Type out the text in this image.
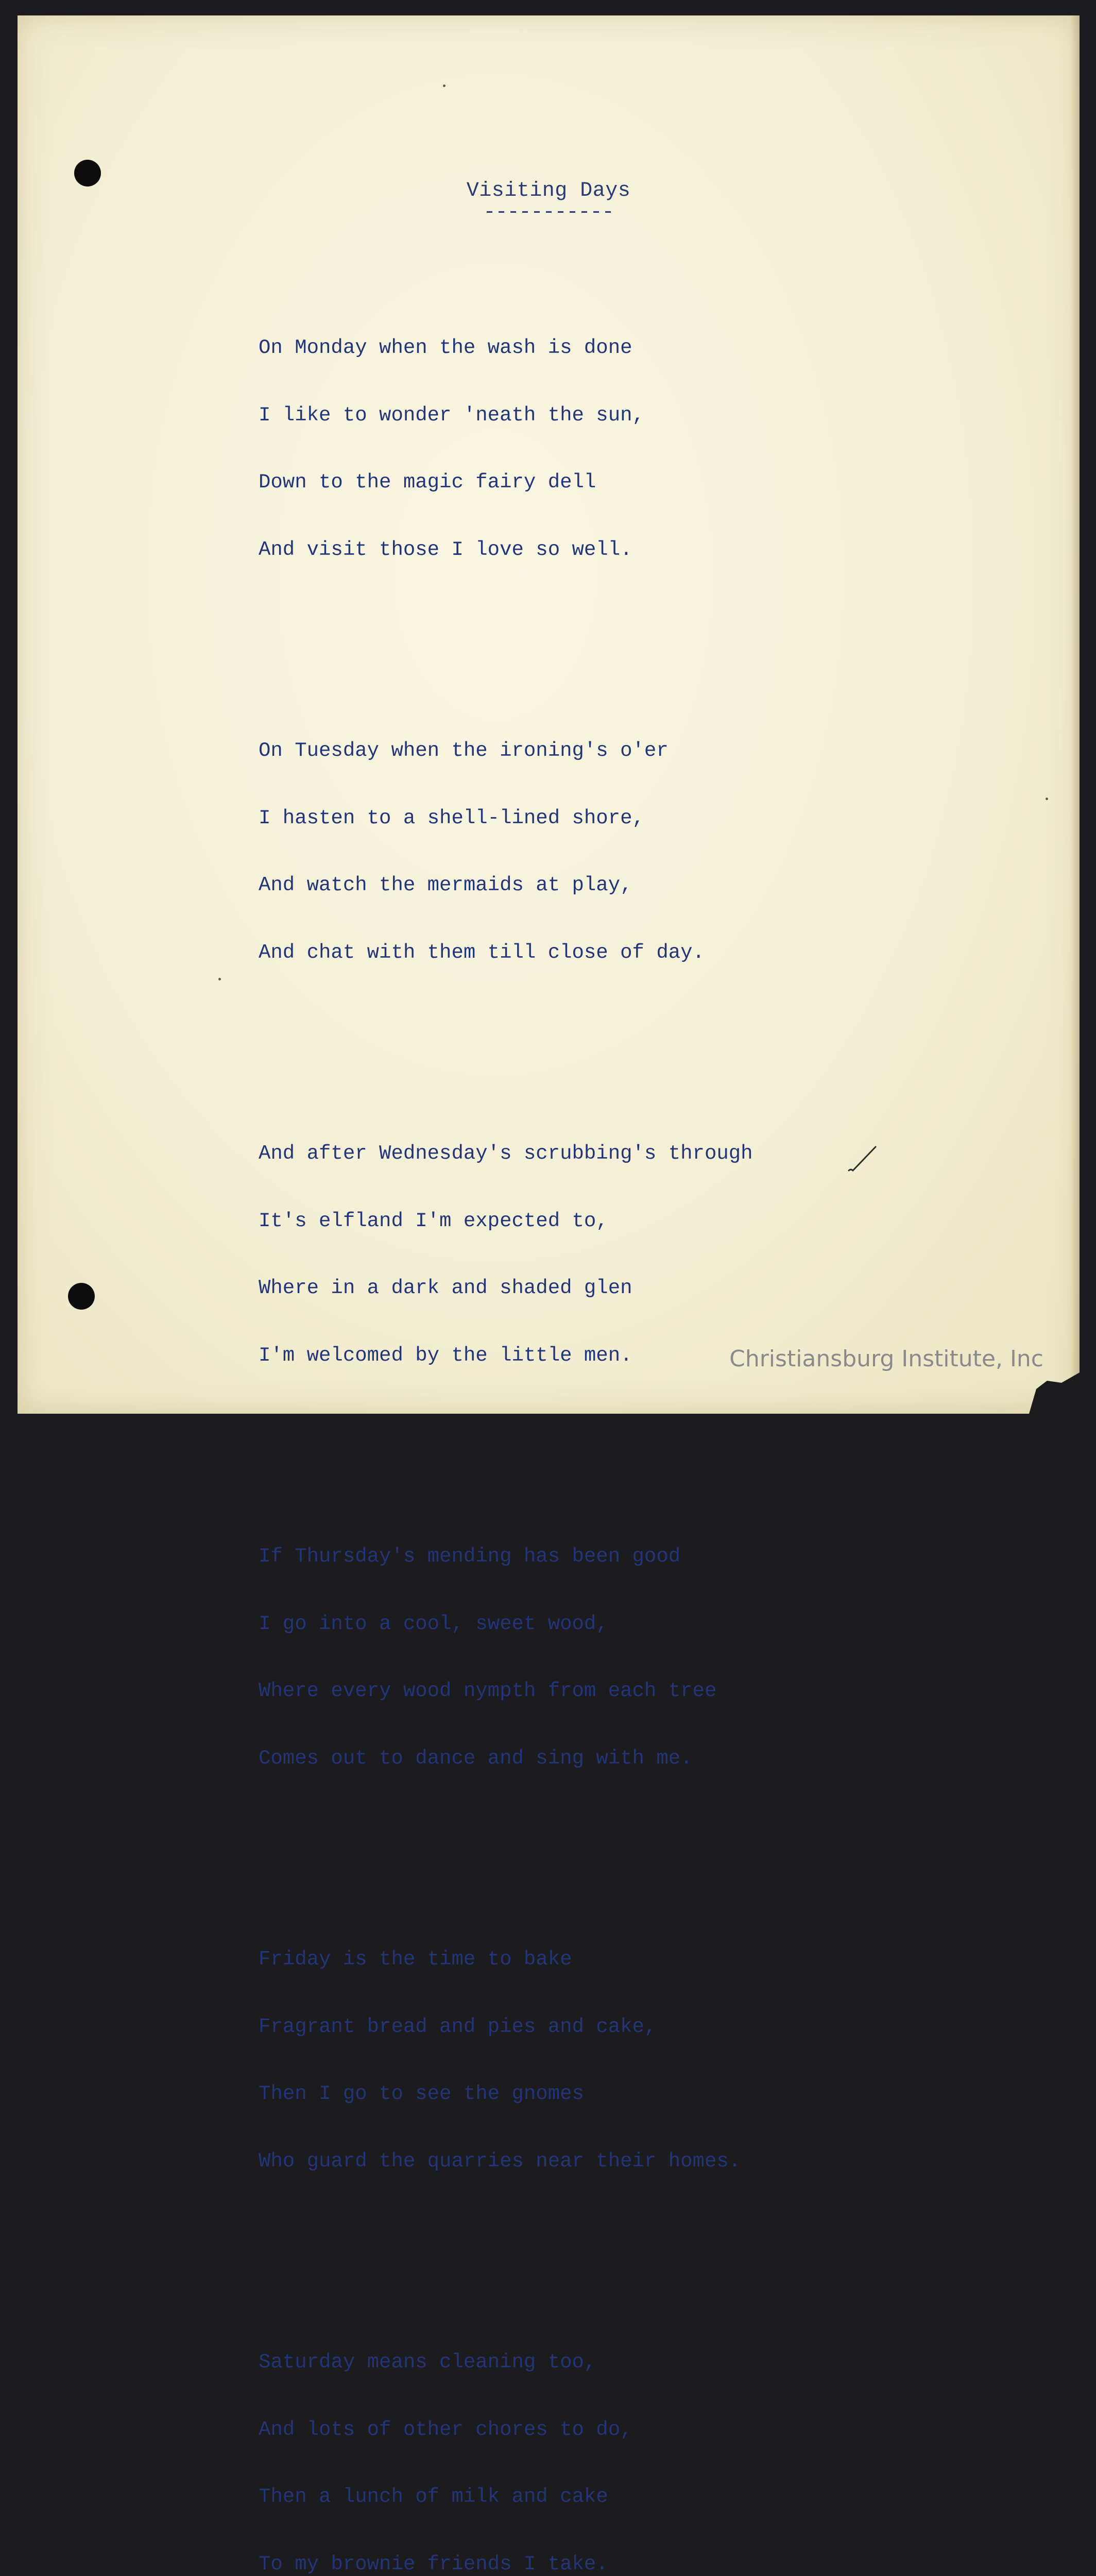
Visiting Days
-----------

On Monday when the wash is done

I like to wonder 'neath the sun,

Down to the magic fairy dell

And visit those I love so well.

On Tuesday when the ironing's o'er

I hasten to a shell-lined shore,

And watch the mermaids at play,

And chat with them till close of day.

And after Wednesday's scrubbing's through

It's elfland I'm expected to,

Where in a dark and shaded glen

I'm welcomed by the little men.

If Thursday's mending has been good

I go into a cool, sweet wood,

Where every wood nympth from each tree

Comes out to dance and sing with me.

Friday is the time to bake

Fragrant bread and pies and cake,

Then I go to see the gnomes

Who guard the quarries near their homes.

Saturday means cleaning too,

And lots of other chores to do,

Then a lunch of milk and cake

To my brownie friends I take.

Christiansburg Institute, Inc
